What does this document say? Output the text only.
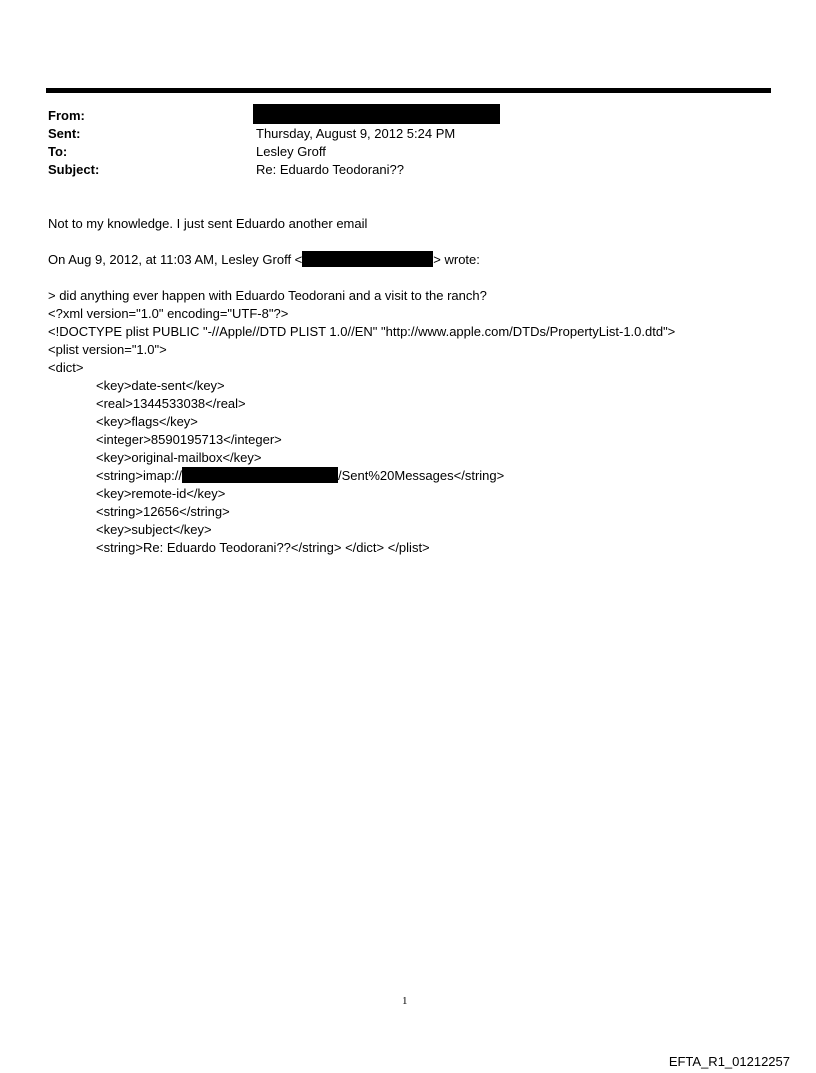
From:
Sent:	Thursday, August 9, 2012 5:24 PM
To:	Lesley Groff
Subject:	Re: Eduardo Teodorani??
Not to my knowledge. I just sent Eduardo another email
On Aug 9, 2012, at 11:03 AM, Lesley Groff <	> wrote:
> did anything ever happen with Eduardo Teodorani and a visit to the ranch?
<?xml version="1.0" encoding="UTF-8"?>
<!DOCTYPE plist PUBLIC "-//Apple//DTD PLIST 1.0//EN" "http://www.apple.com/DTDs/PropertyList-1.0.dtd">
<plist version="1.0">
<dict>
<key>date-sent</key>
<real>1344533038</real>
<key>flags</key>
<integer>8590195713</integer>
<key>original-mailbox</key>
<string>imap://	/Sent%20Messages</string>
<key>remote-id</key>
<string>12656</string>
<key>subject</key>
<string>Re: Eduardo Teodorani??</string> </dict> </plist>
1
EFTA_R1_01212257
